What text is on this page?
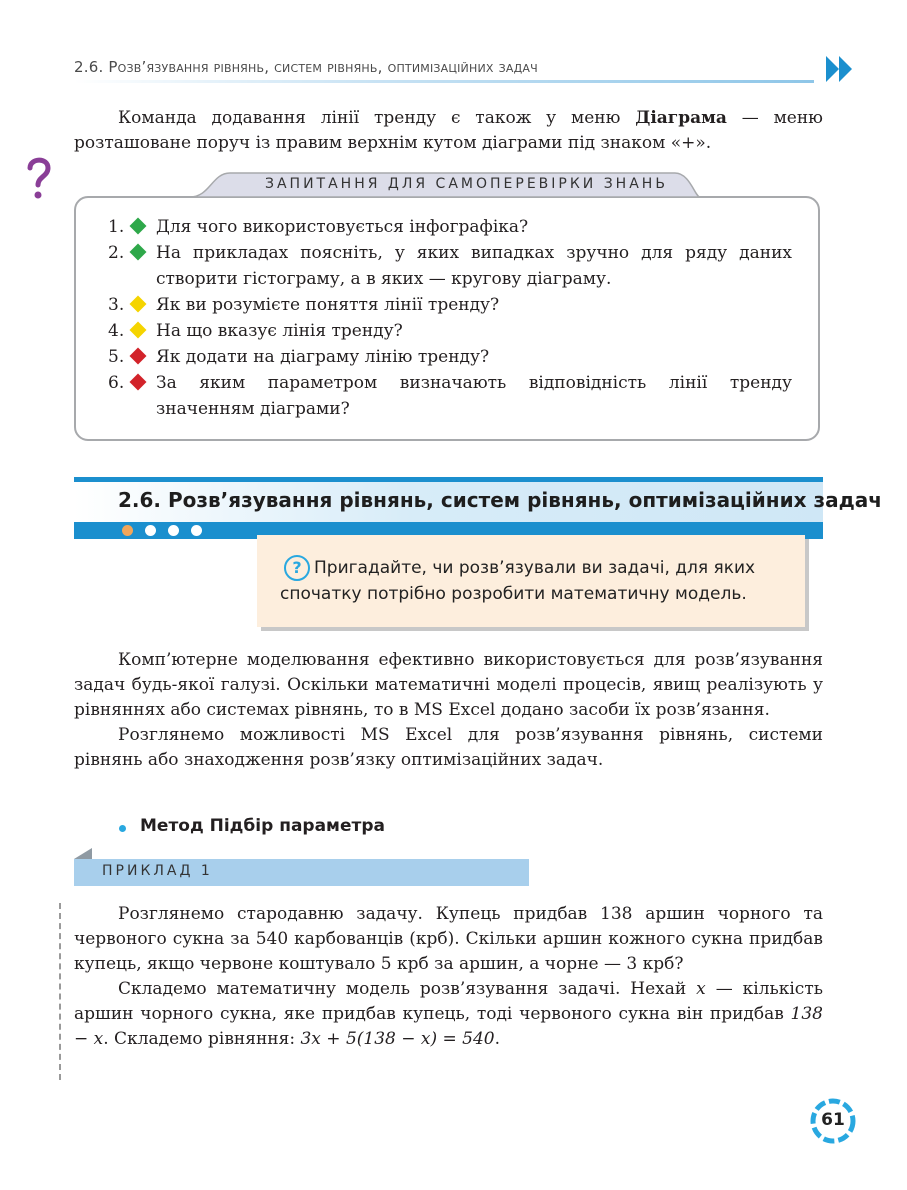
2.6. Розв’язування рівнянь, систем рівнянь, оптимізаційних задач

Команда додавання лінії тренду є також у меню Діаграма — меню розташоване поруч із правим верхнім кутом діаграми під знаком «+».

ЗАПИТАННЯ ДЛЯ САМОПЕРЕВІРКИ ЗНАНЬ
1. Для чого використовується інфографіка?
2. На прикладах поясніть, у яких випадках зручно для ряду даних створити гістограму, а в яких — кругову діаграму.
3. Як ви розумієте поняття лінії тренду?
4. На що вказує лінія тренду?
5. Як додати на діаграму лінію тренду?
6. За яким параметром визначають відповідність лінії тренду значенням діаграми?
2.6. Розв’язування рівнянь, систем рівнянь, оптимізаційних задач
? Пригадайте, чи розв’язували ви задачі, для яких спочатку потрібно розробити математичну модель.

Комп’ютерне моделювання ефективно використовується для розв’язування задач будь-якої галузі. Оскільки математичні моделі процесів, явищ реалізують у рівняннях або системах рівнянь, то в MS Excel додано засоби їх розв’язання.

Розглянемо можливості MS Excel для розв’язування рівнянь, системи рівнянь або знаходження розв’язку оптимізаційних задач.

Метод Підбір параметра
ПРИКЛАД 1

Розглянемо стародавню задачу. Купець придбав 138 аршин чорного та червоного сукна за 540 карбованців (крб). Скільки аршин кожного сукна придбав купець, якщо червоне коштувало 5 крб за аршин, а чорне — 3 крб?

Складемо математичну модель розв’язування задачі. Нехай x — кількість аршин чорного сукна, яке придбав купець, тоді червоного сукна він придбав 138 − x. Складемо рівняння: 3x + 5(138 − x) = 540.

61
